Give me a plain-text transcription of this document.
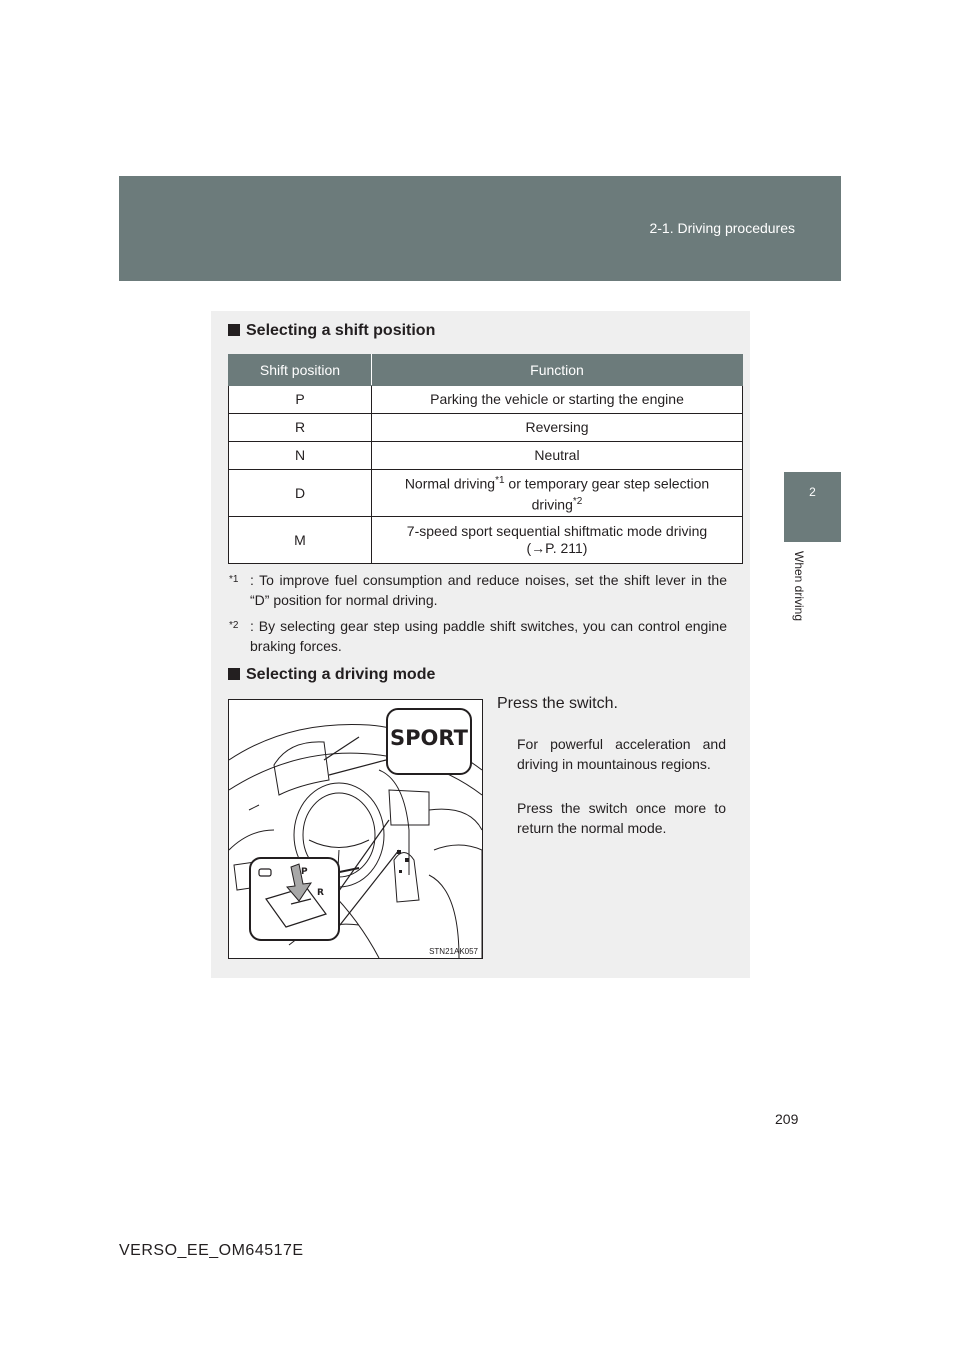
2-1. Driving procedures
2
When driving
Selecting a shift position
Shift position	Function
P	Parking the vehicle or starting the engine
R	Reversing
N	Neutral
D	Normal driving$^{*1}$ or temporary gear step selection
driving$^{*2}$
M	7-speed sport sequential shiftmatic mode driving
(→P. 211)
*1 : To improve fuel consumption and reduce noises, set the shift lever in the “D” position for normal driving.
*2 : By selecting gear step using paddle shift switches, you can control engine braking forces.
Selecting a driving mode
SPORT
P
R
STN21AK057
Press the switch.
For powerful acceleration and driving in mountainous regions.
Press the switch once more to return the normal mode.
209
VERSO_EE_OM64517E
